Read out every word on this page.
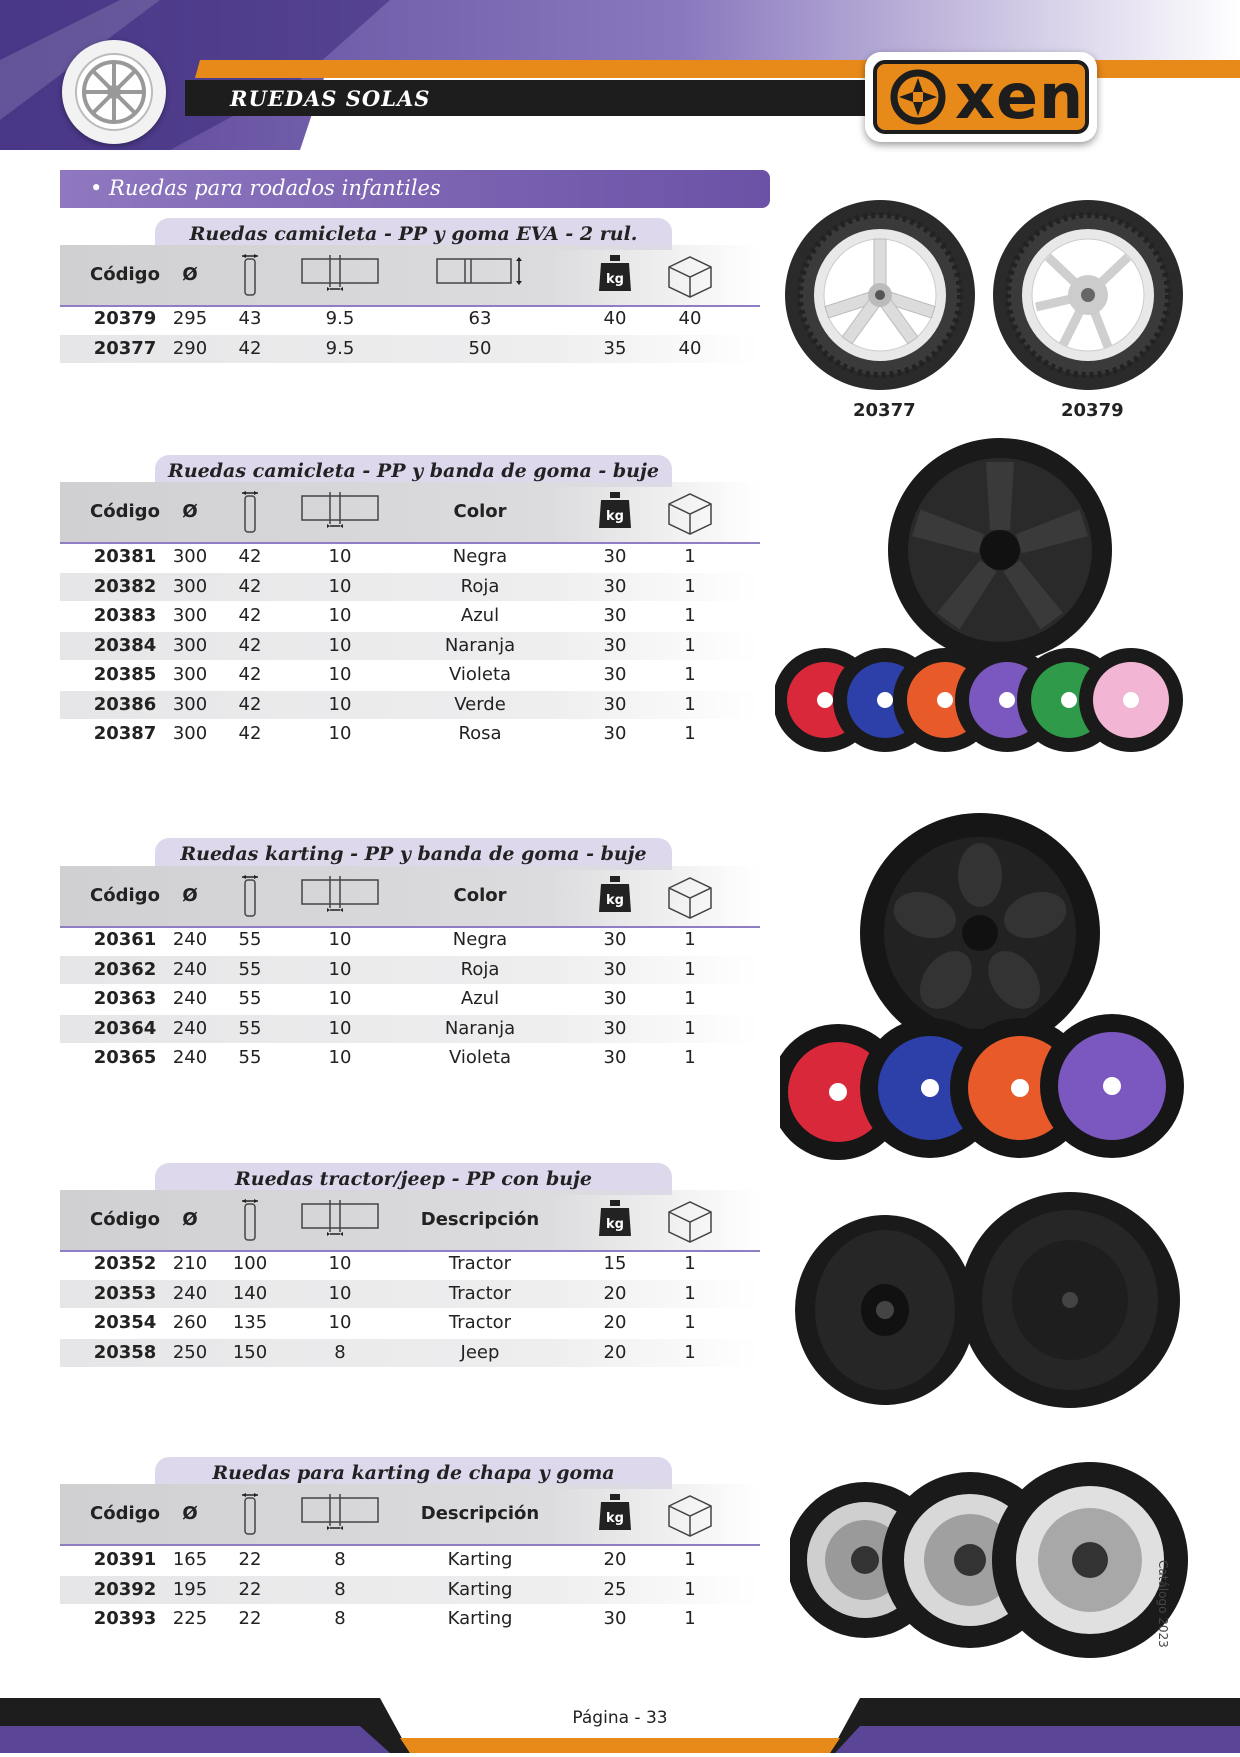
RUEDAS SOLAS	xen
• Ruedas para rodados infantiles
Ruedas camicleta - PP y goma EVA - 2 rul.
Código	Ø	kg
20379 295	43	9.5	63	40	40
20377 290	42	9.5	50	35	40
Ruedas camicleta - PP y banda de goma - buje
Código	Ø	Color	kg
20381 300	42	10	Negra	30	1
20382 300	42	10	Roja	30	1
20383 300	42	10	Azul	30	1
20384 300	42	10	Naranja	30	1
20385 300	42	10	Violeta	30	1
20386 300	42	10	Verde	30	1
20387 300	42	10	Rosa	30	1
Ruedas karting - PP y banda de goma - buje
Código	Ø	Color	kg
20361 240	55	10	Negra	30	1
20362 240	55	10	Roja	30	1
20363 240	55	10	Azul	30	1
20364 240	55	10	Naranja	30	1
20365 240	55	10	Violeta	30	1
Ruedas tractor/jeep - PP con buje
Código	Ø	Descripción	kg
20352 210	100	10	Tractor	15	1
20353 240	140	10	Tractor	20	1
20354 260	135	10	Tractor	20	1
20358 250	150	8	Jeep	20	1
Ruedas para karting de chapa y goma
Código	Ø	Descripción	kg
20391 165	22	8	Karting	20	1
20392 195	22	8	Karting	25	1
20393 225	22	8	Karting	30	1
20377	20379
Catálogo 2023
Página - 33
